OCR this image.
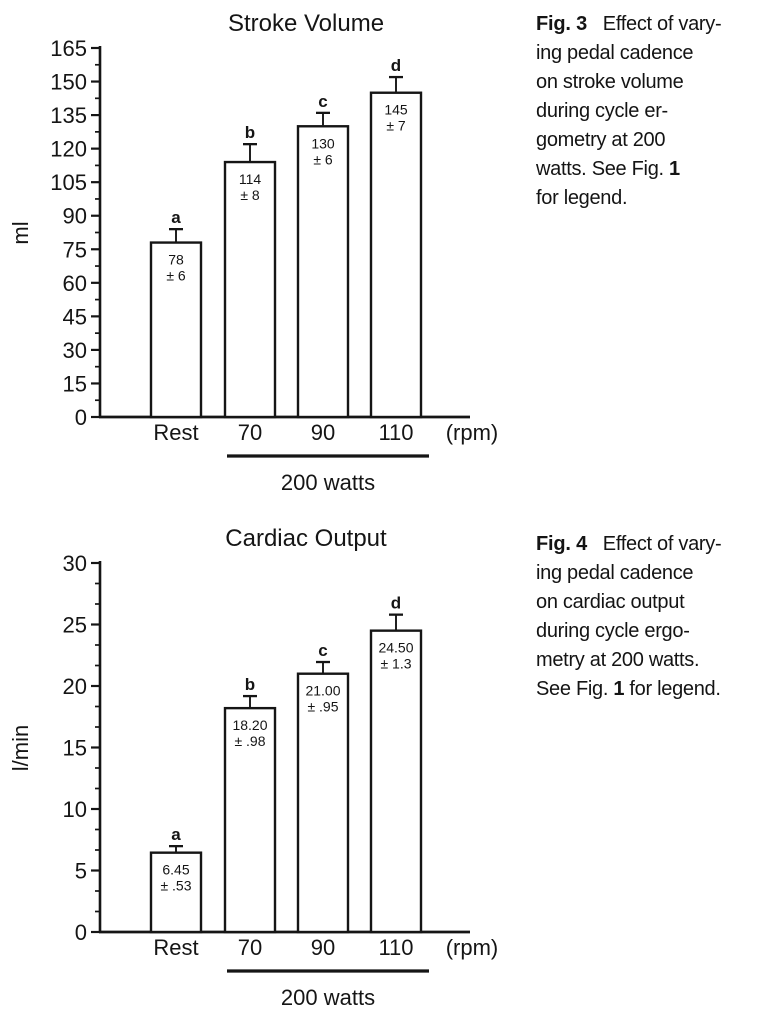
Stroke Volume
ml
0
15
30
45
60
75
90
105
120
135
150
165
a
78
± 6
Rest
b
114
± 8
70
c
130
± 6
90
d
145
± 7
110 (rpm)
200 watts
Cardiac Output
l/min
0
5
10
15
20
25
30
a
6.45
± .53
Rest
b
18.20
± .98
70
c
21.00
± .95
90
d
24.50
± 1.3
110 (rpm)
200 watts
Fig. 3   Effect of vary-
ing pedal cadence
on stroke volume
during cycle er-
gometry at 200
watts. See Fig. 1
for legend.
Fig. 4   Effect of vary-
ing pedal cadence
on cardiac output
during cycle ergo-
metry at 200 watts.
See Fig. 1 for legend.
